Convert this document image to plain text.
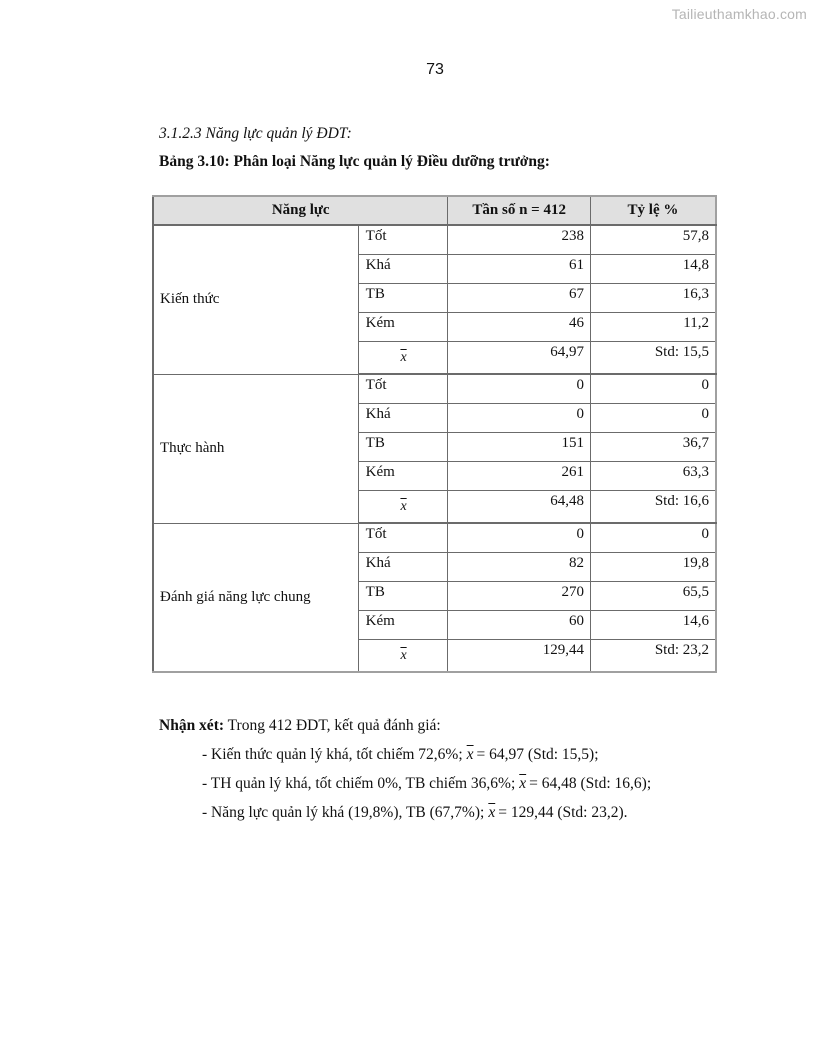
Tailieuthamkhao.com
73
3.1.2.3 Năng lực quản lý ĐDT:
Bảng 3.10: Phân loại Năng lực quản lý Điều dưỡng trưởng:
Năng lực		Tần số n = 412	Tỷ lệ %
Kiến thức	Tốt	238	57,8
	Khá	61	14,8
	TB	67	16,3
	Kém	46	11,2
	$\overline{x}$	64,97	Std: 15,5
Thực hành	Tốt	0	0
	Khá	0	0
	TB	151	36,7
	Kém	261	63,3
	$\overline{x}$	64,48	Std: 16,6
Đánh giá năng lực chung	Tốt	0	0
	Khá	82	19,8
	TB	270	65,5
	Kém	60	14,6
	$\overline{x}$	129,44	Std: 23,2
Nhận xét: Trong 412 ĐDT, kết quả đánh giá:
- Kiến thức quản lý khá, tốt chiếm 72,6%; $\overline{x} = 64,97$ (Std: 15,5);
- TH quản lý khá, tốt chiếm 0%, TB chiếm 36,6%; $\overline{x} = 64,48$ (Std: 16,6);
- Năng lực quản lý khá (19,8%), TB (67,7%); $\overline{x} = 129,44$ (Std: 23,2).
